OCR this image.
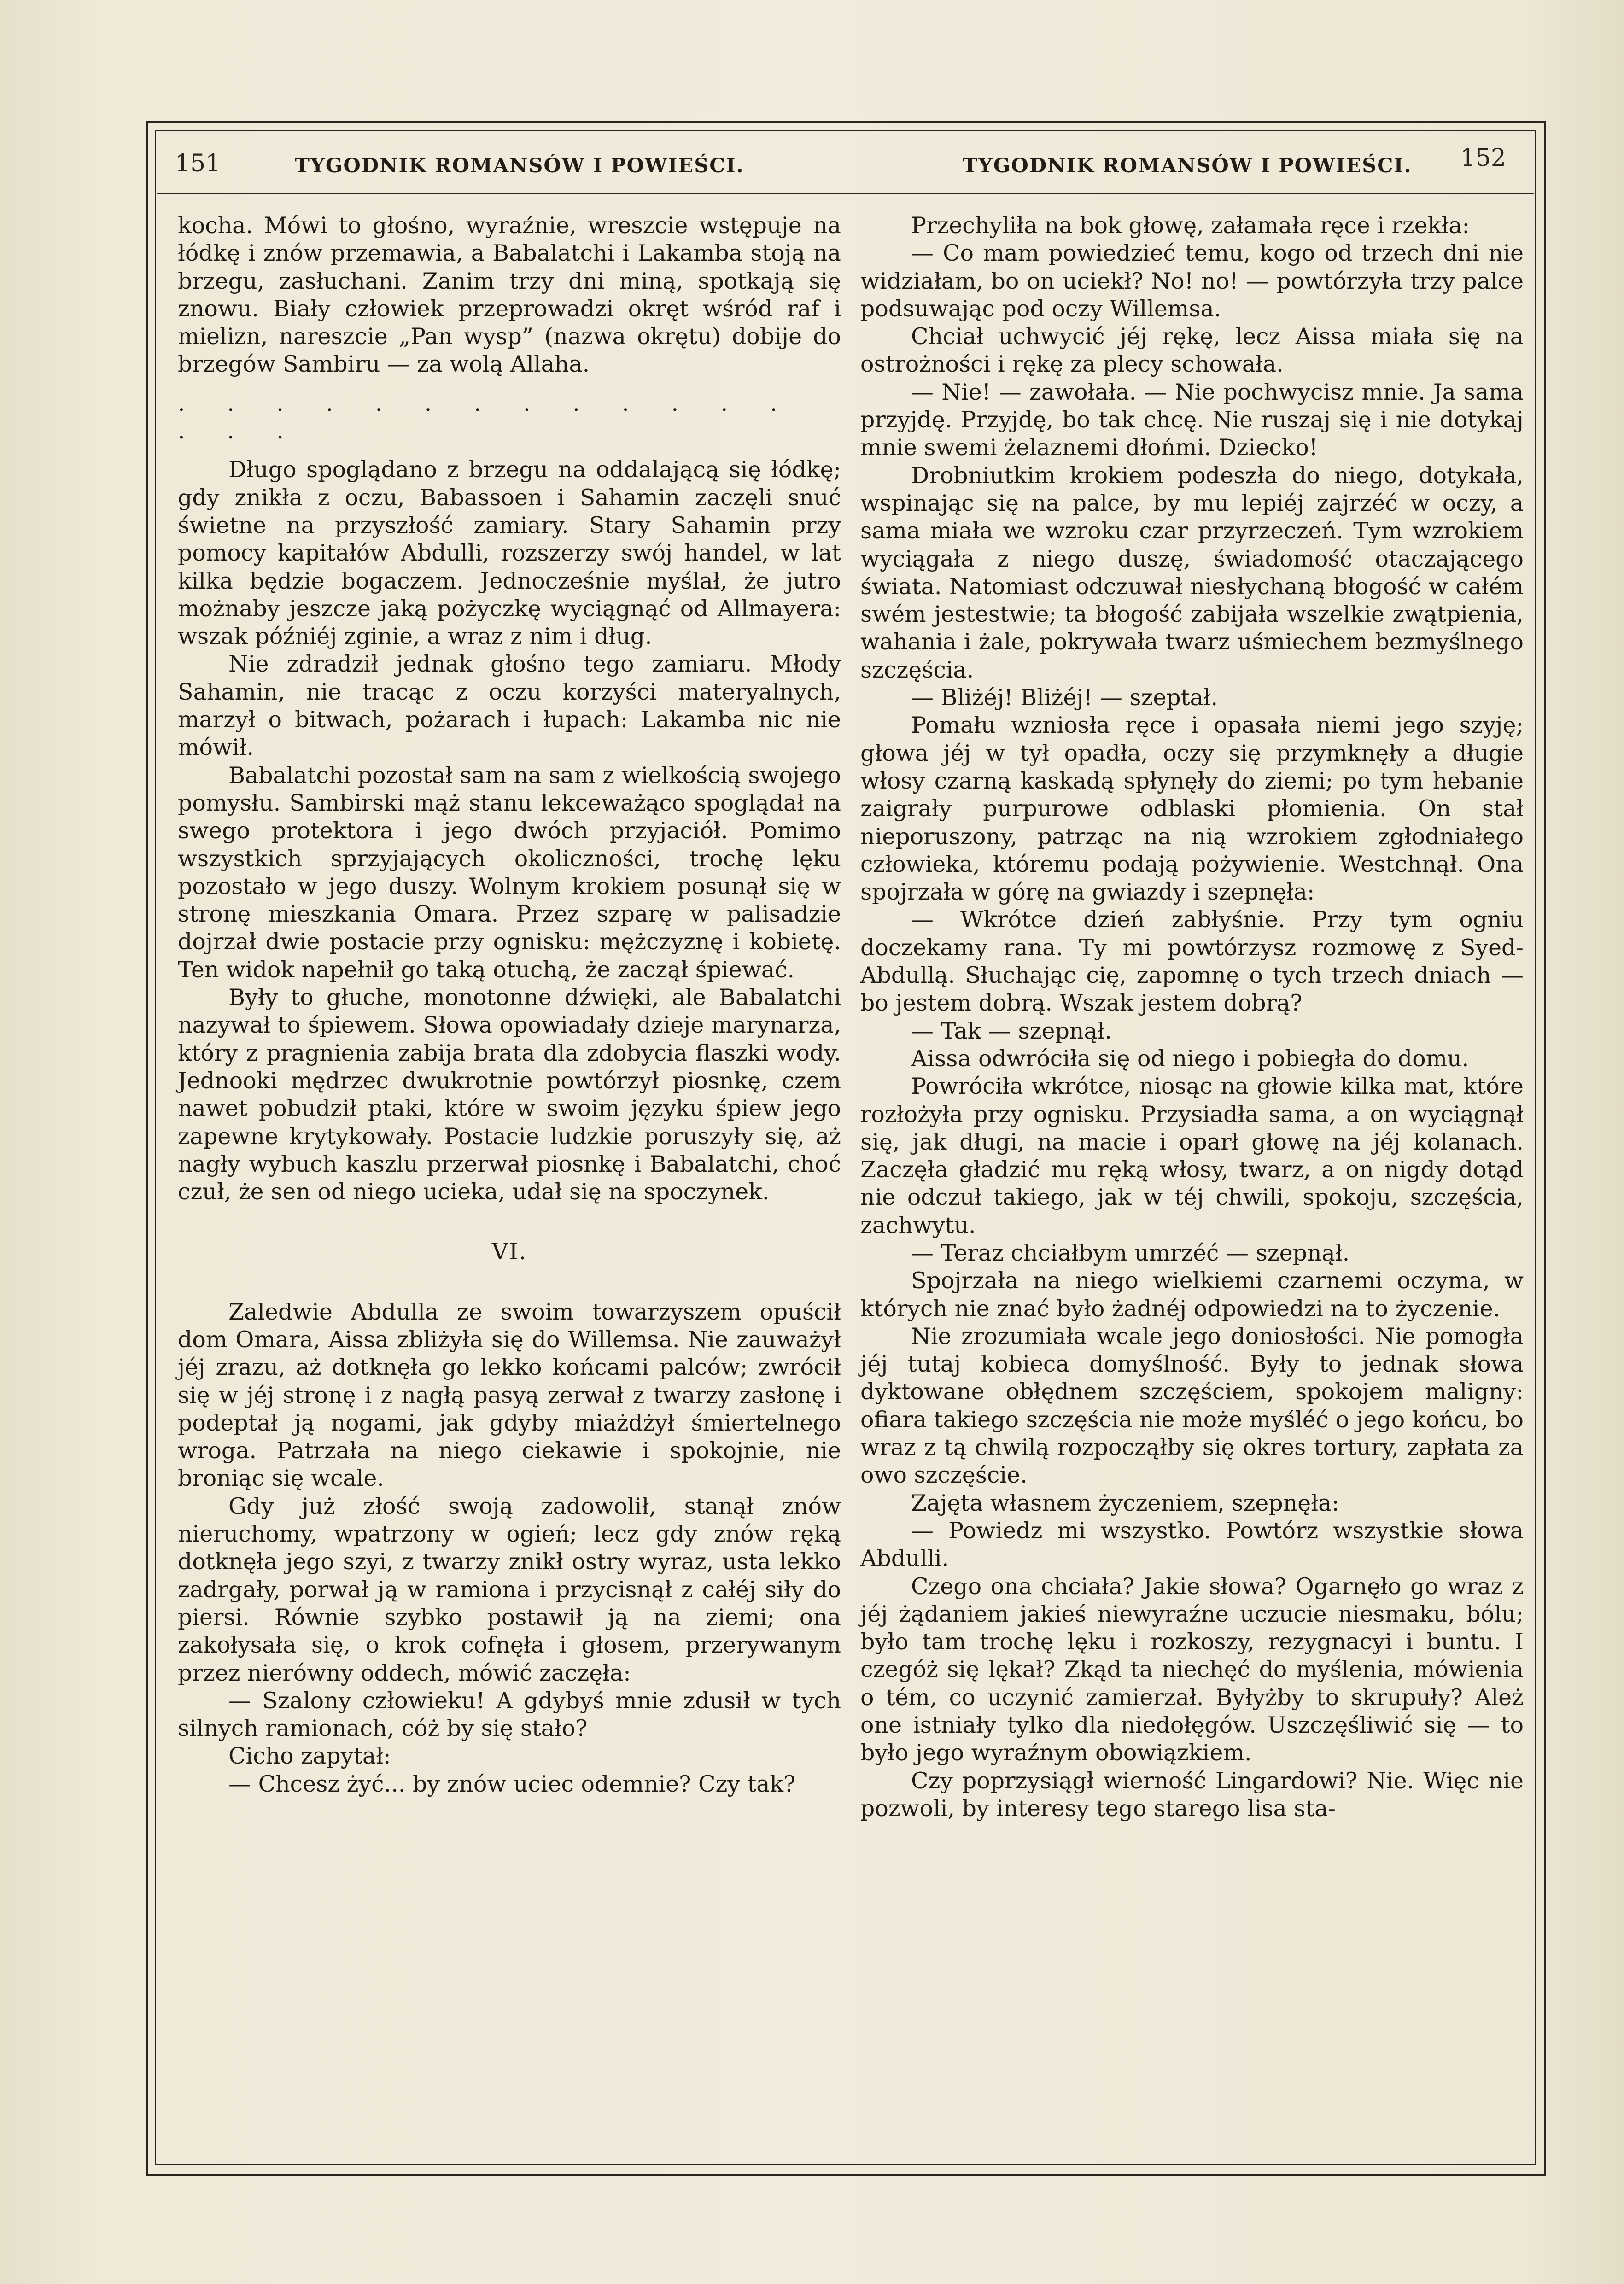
151	TYGODNIK ROMANSÓW I POWIEŚCI.	TYGODNIK ROMANSÓW I POWIEŚCI. 152

kocha. Mówi to głośno, wyraźnie, wreszcie wstępuje na łódkę i znów przemawia, a Babalatchi i Lakamba stoją na brzegu, zasłuchani. Zanim trzy dni miną, spotkają się znowu. Biały człowiek przeprowadzi okręt wśród raf i mielizn, nareszcie „Pan wysp” (nazwa okrętu) dobije do brzegów Sambiru — za wolą Allaha.

. . . . . . . . . . . . . . . .

Długo spoglądano z brzegu na oddalającą się łódkę; gdy znikła z oczu, Babassoen i Sahamin zaczęli snuć świetne na przyszłość zamiary. Stary Sahamin przy pomocy kapitałów Abdulli, rozszerzy swój handel, w lat kilka będzie bogaczem. Jednocześnie myślał, że jutro możnaby jeszcze jaką pożyczkę wyciągnąć od Allmayera: wszak późniéj zginie, a wraz z nim i dług.

Nie zdradził jednak głośno tego zamiaru. Młody Sahamin, nie tracąc z oczu korzyści materyalnych, marzył o bitwach, pożarach i łupach: Lakamba nic nie mówił.

Babalatchi pozostał sam na sam z wielkością swojego pomysłu. Sambirski mąż stanu lekceważąco spoglądał na swego protektora i jego dwóch przyjaciół. Pomimo wszystkich sprzyjających okoliczności, trochę lęku pozostało w jego duszy. Wolnym krokiem posunął się w stronę mieszkania Omara. Przez szparę w palisadzie dojrzał dwie postacie przy ognisku: mężczyznę i kobietę. Ten widok napełnił go taką otuchą, że zaczął śpiewać.

Były to głuche, monotonne dźwięki, ale Babalatchi nazywał to śpiewem. Słowa opowiadały dzieje marynarza, który z pragnienia zabija brata dla zdobycia flaszki wody. Jednooki mędrzec dwukrotnie powtórzył piosnkę, czem nawet pobudził ptaki, które w swoim języku śpiew jego zapewne krytykowały. Postacie ludzkie poruszyły się, aż nagły wybuch kaszlu przerwał piosnkę i Babalatchi, choć czuł, że sen od niego ucieka, udał się na spoczynek.

VI.

Zaledwie Abdulla ze swoim towarzyszem opuścił dom Omara, Aissa zbliżyła się do Willemsa. Nie zauważył jéj zrazu, aż dotknęła go lekko końcami palców; zwrócił się w jéj stronę i z nagłą pasyą zerwał z twarzy zasłonę i podeptał ją nogami, jak gdyby miażdżył śmiertelnego wroga. Patrzała na niego ciekawie i spokojnie, nie broniąc się wcale.

Gdy już złość swoją zadowolił, stanął znów nieruchomy, wpatrzony w ogień; lecz gdy znów ręką dotknęła jego szyi, z twarzy znikł ostry wyraz, usta lekko zadrgały, porwał ją w ramiona i przycisnął z całéj siły do piersi. Równie szybko postawił ją na ziemi; ona zakołysała się, o krok cofnęła i głosem, przerywanym przez nierówny oddech, mówić zaczęła:

— Szalony człowieku! A gdybyś mnie zdusił w tych silnych ramionach, cóż by się stało?

Cicho zapytał:

— Chcesz żyć... by znów uciec odemnie? Czy tak?

Przechyliła na bok głowę, załamała ręce i rzekła:

— Co mam powiedzieć temu, kogo od trzech dni nie widziałam, bo on uciekł? No! no! — powtórzyła trzy palce podsuwając pod oczy Willemsa.

Chciał uchwycić jéj rękę, lecz Aissa miała się na ostrożności i rękę za plecy schowała.

— Nie! — zawołała. — Nie pochwycisz mnie. Ja sama przyjdę. Przyjdę, bo tak chcę. Nie ruszaj się i nie dotykaj mnie swemi żelaznemi dłońmi. Dziecko!

Drobniutkim krokiem podeszła do niego, dotykała, wspinając się na palce, by mu lepiéj zajrzéć w oczy, a sama miała we wzroku czar przyrzeczeń. Tym wzrokiem wyciągała z niego duszę, świadomość otaczającego świata. Natomiast odczuwał niesłychaną błogość w całém swém jestestwie; ta błogość zabijała wszelkie zwątpienia, wahania i żale, pokrywała twarz uśmiechem bezmyślnego szczęścia.

— Bliżéj! Bliżéj! — szeptał.

Pomału wzniosła ręce i opasała niemi jego szyję; głowa jéj w tył opadła, oczy się przymknęły a długie włosy czarną kaskadą spłynęły do ziemi; po tym hebanie zaigrały purpurowe odblaski płomienia. On stał nieporuszony, patrząc na nią wzrokiem zgłodniałego człowieka, któremu podają pożywienie. Westchnął. Ona spojrzała w górę na gwiazdy i szepnęła:

— Wkrótce dzień zabłyśnie. Przy tym ogniu doczekamy rana. Ty mi powtórzysz rozmowę z Syed-Abdullą. Słuchając cię, zapomnę o tych trzech dniach — bo jestem dobrą. Wszak jestem dobrą?

— Tak — szepnął.

Aissa odwróciła się od niego i pobiegła do domu.

Powróciła wkrótce, niosąc na głowie kilka mat, które rozłożyła przy ognisku. Przysiadła sama, a on wyciągnął się, jak długi, na macie i oparł głowę na jéj kolanach. Zaczęła gładzić mu ręką włosy, twarz, a on nigdy dotąd nie odczuł takiego, jak w téj chwili, spokoju, szczęścia, zachwytu.

— Teraz chciałbym umrzéć — szepnął.

Spojrzała na niego wielkiemi czarnemi oczyma, w których nie znać było żadnéj odpowiedzi na to życzenie.

Nie zrozumiała wcale jego doniosłości. Nie pomogła jéj tutaj kobieca domyślność. Były to jednak słowa dyktowane obłędnem szczęściem, spokojem maligny: ofiara takiego szczęścia nie może myśléć o jego końcu, bo wraz z tą chwilą rozpocząłby się okres tortury, zapłata za owo szczęście.

Zajęta własnem życzeniem, szepnęła:

— Powiedz mi wszystko. Powtórz wszystkie słowa Abdulli.

Czego ona chciała? Jakie słowa? Ogarnęło go wraz z jéj żądaniem jakieś niewyraźne uczucie niesmaku, bólu; było tam trochę lęku i rozkoszy, rezygnacyi i buntu. I czegóż się lękał? Zkąd ta niechęć do myślenia, mówienia o tém, co uczynić zamierzał. Byłyżby to skrupuły? Ależ one istniały tylko dla niedołęgów. Uszczęśliwić się — to było jego wyraźnym obowiązkiem.

Czy poprzysiągł wierność Lingardowi? Nie. Więc nie pozwoli, by interesy tego starego lisa sta-
